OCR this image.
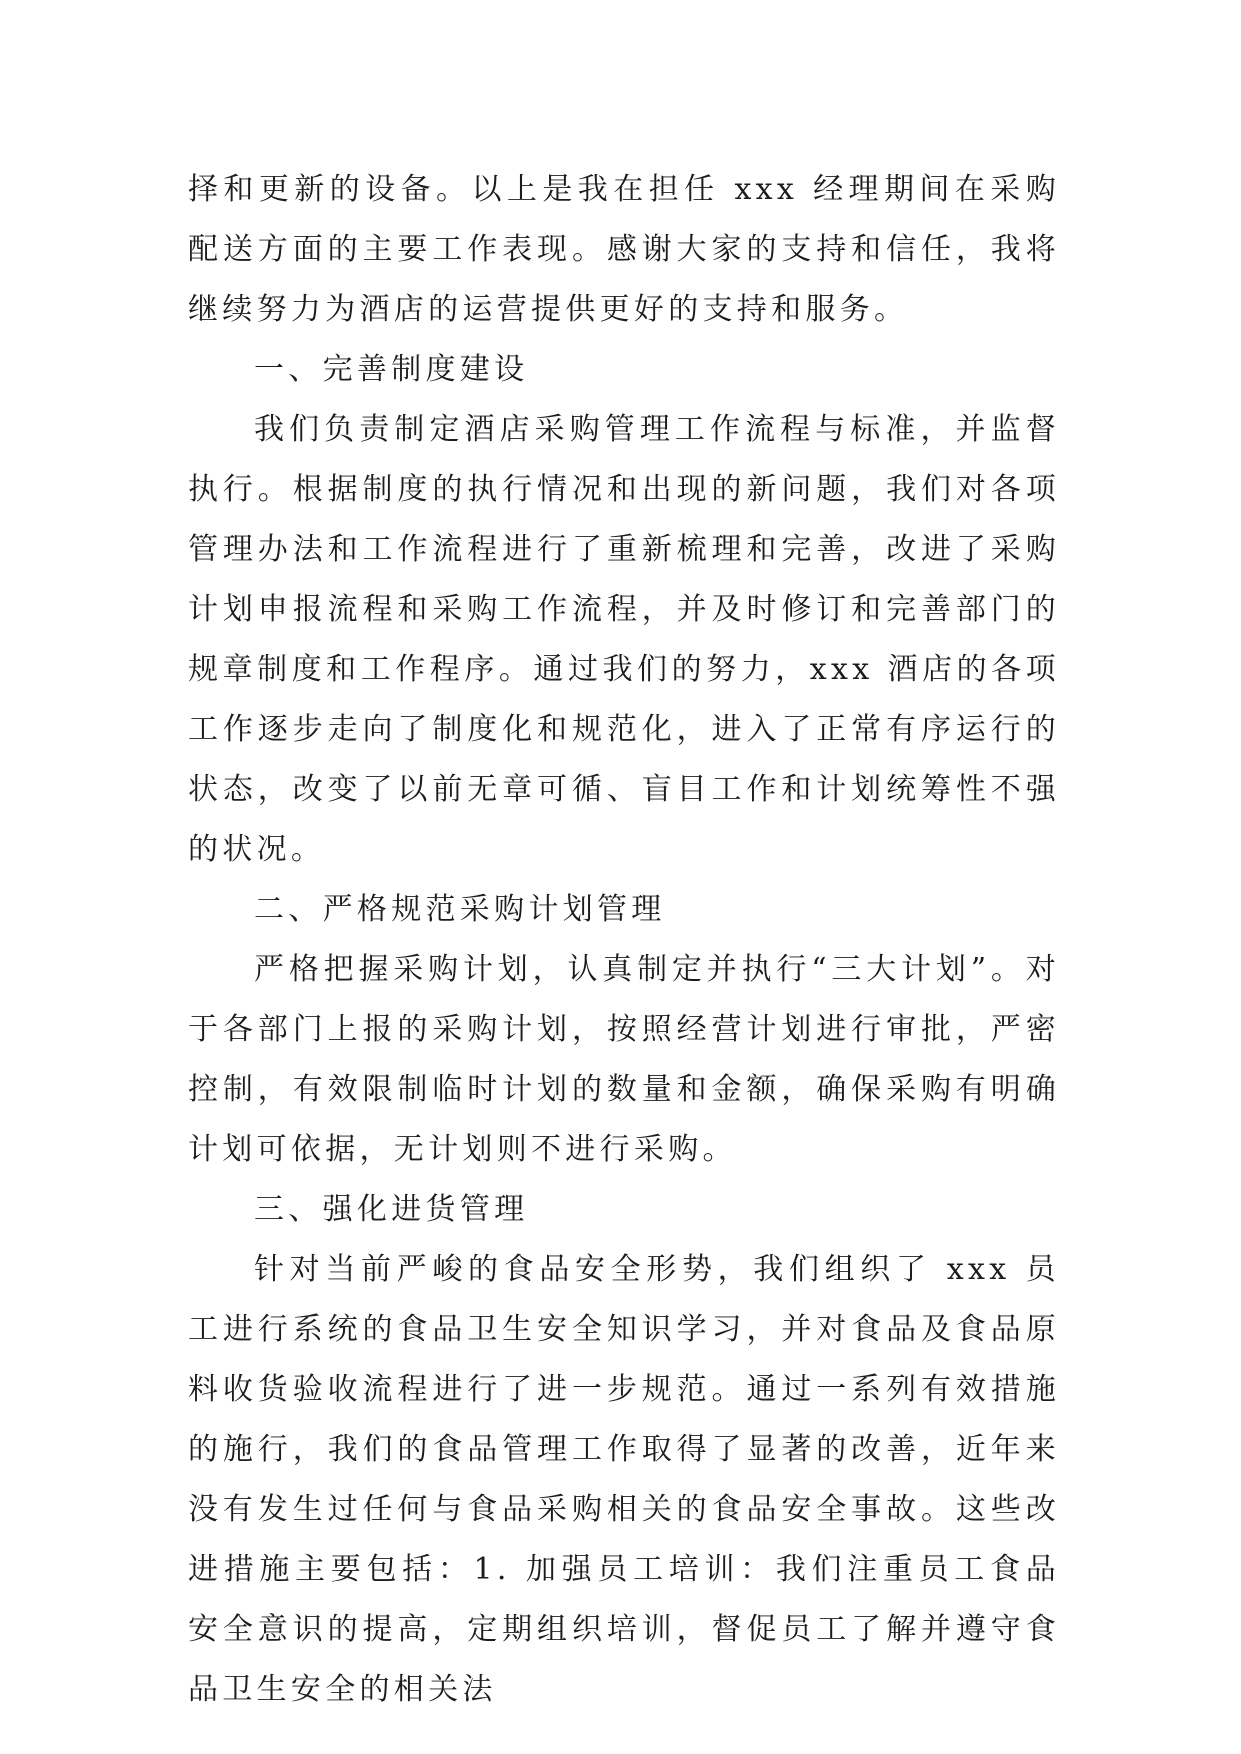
择和更新的设备。以上是我在担任 xxx 经理期间在采购配送方面的主要工作表现。感谢大家的支持和信任，我将继续努力为酒店的运营提供更好的支持和服务。

一、完善制度建设

我们负责制定酒店采购管理工作流程与标准，并监督执行。根据制度的执行情况和出现的新问题，我们对各项管理办法和工作流程进行了重新梳理和完善，改进了采购计划申报流程和采购工作流程，并及时修订和完善部门的规章制度和工作程序。通过我们的努力，xxx 酒店的各项工作逐步走向了制度化和规范化，进入了正常有序运行的状态，改变了以前无章可循、盲目工作和计划统筹性不强的状况。

二、严格规范采购计划管理

严格把握采购计划，认真制定并执行“三大计划”。对于各部门上报的采购计划，按照经营计划进行审批，严密控制，有效限制临时计划的数量和金额，确保采购有明确计划可依据，无计划则不进行采购。

三、强化进货管理

针对当前严峻的食品安全形势，我们组织了 xxx 员工进行系统的食品卫生安全知识学习，并对食品及食品原料收货验收流程进行了进一步规范。通过一系列有效措施的施行，我们的食品管理工作取得了显著的改善，近年来没有发生过任何与食品采购相关的食品安全事故。这些改进措施主要包括：1. 加强员工培训：我们注重员工食品安全意识的提高，定期组织培训，督促员工了解并遵守食品卫生安全的相关法
